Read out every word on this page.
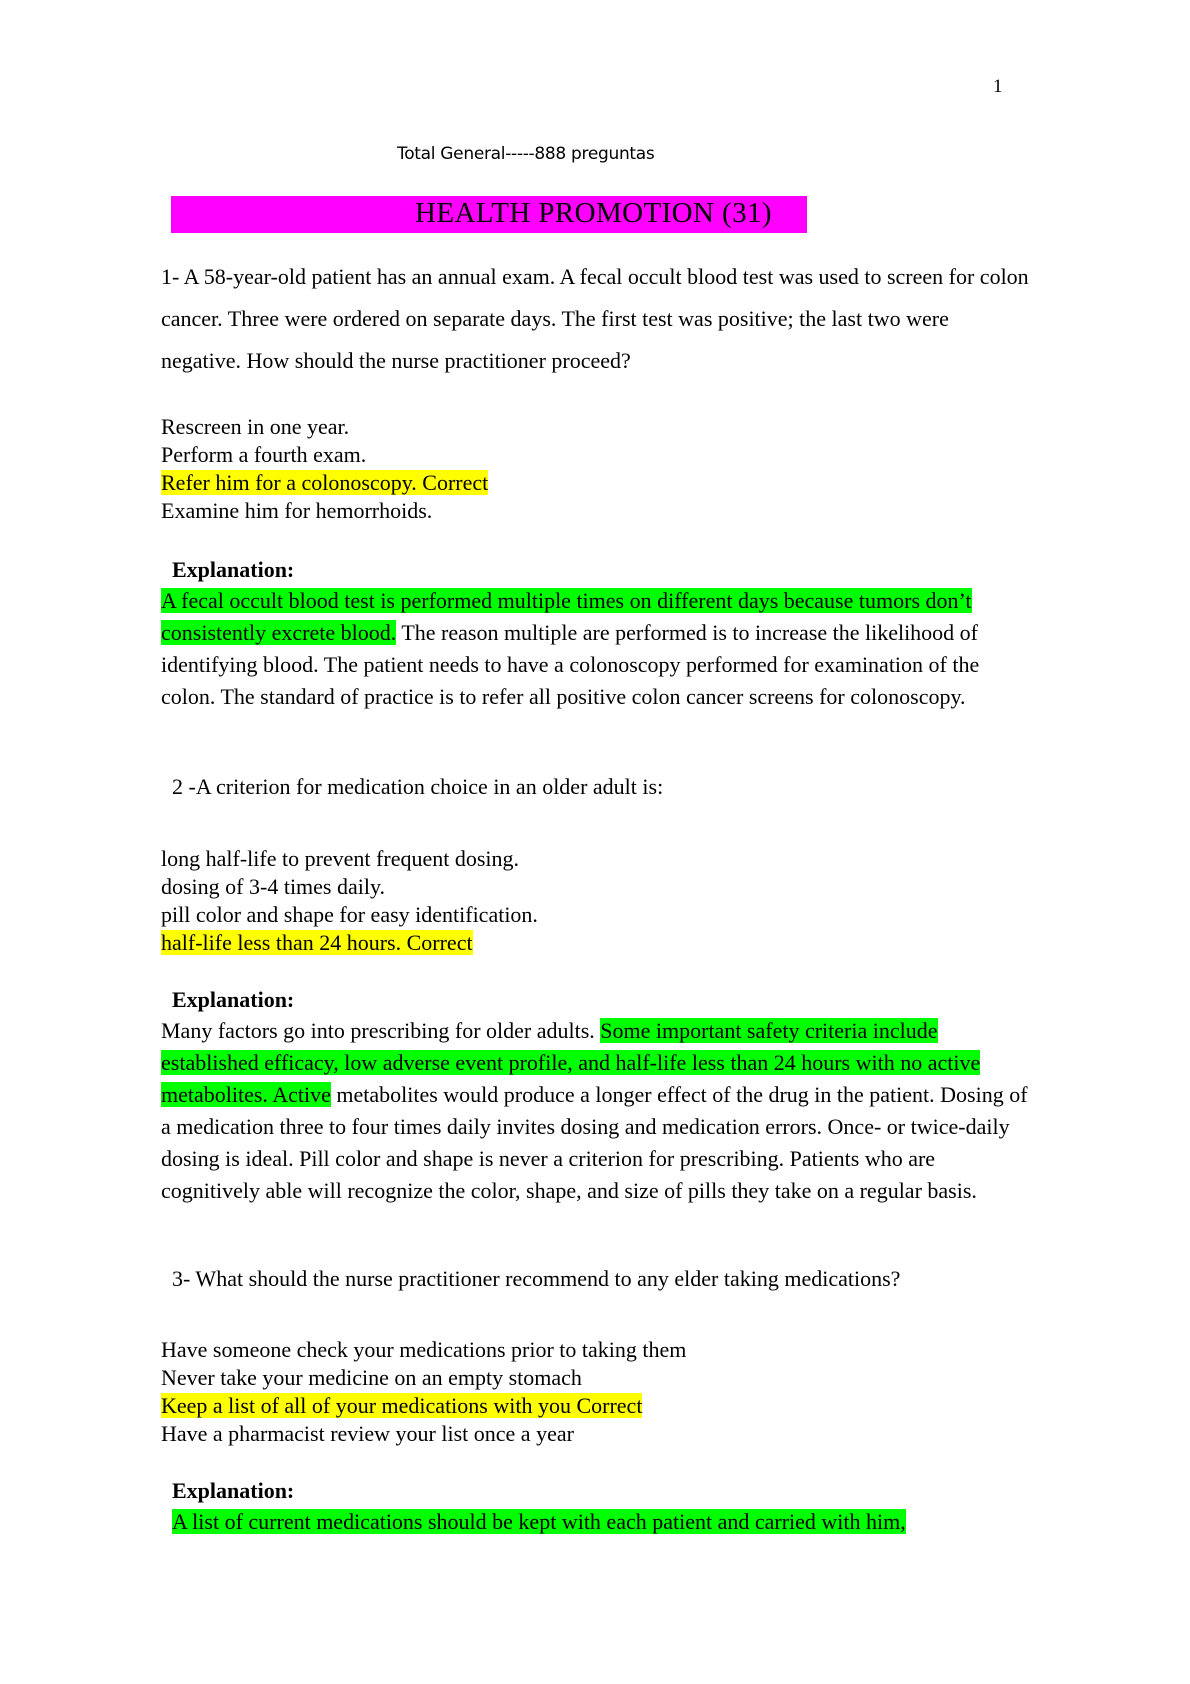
1
Total General-----888 preguntas
HEALTH PROMOTION (31)
1- A 58-year-old patient has an annual exam. A fecal occult blood test was used to screen for colon cancer. Three were ordered on separate days. The first test was positive; the last two were negative. How should the nurse practitioner proceed?
Rescreen in one year.
Perform a fourth exam.
Refer him for a colonoscopy. Correct
Examine him for hemorrhoids.
Explanation:
A fecal occult blood test is performed multiple times on different days because tumors don’t consistently excrete blood. The reason multiple are performed is to increase the likelihood of identifying blood. The patient needs to have a colonoscopy performed for examination of the colon. The standard of practice is to refer all positive colon cancer screens for colonoscopy.
2 -A criterion for medication choice in an older adult is:
long half-life to prevent frequent dosing.
dosing of 3-4 times daily.
pill color and shape for easy identification.
half-life less than 24 hours. Correct
Explanation:
Many factors go into prescribing for older adults. Some important safety criteria include established efficacy, low adverse event profile, and half-life less than 24 hours with no active metabolites. Active metabolites would produce a longer effect of the drug in the patient. Dosing of a medication three to four times daily invites dosing and medication errors. Once- or twice-daily dosing is ideal. Pill color and shape is never a criterion for prescribing. Patients who are cognitively able will recognize the color, shape, and size of pills they take on a regular basis.
3- What should the nurse practitioner recommend to any elder taking medications?
Have someone check your medications prior to taking them
Never take your medicine on an empty stomach
Keep a list of all of your medications with you Correct
Have a pharmacist review your list once a year
Explanation:
A list of current medications should be kept with each patient and carried with him,
